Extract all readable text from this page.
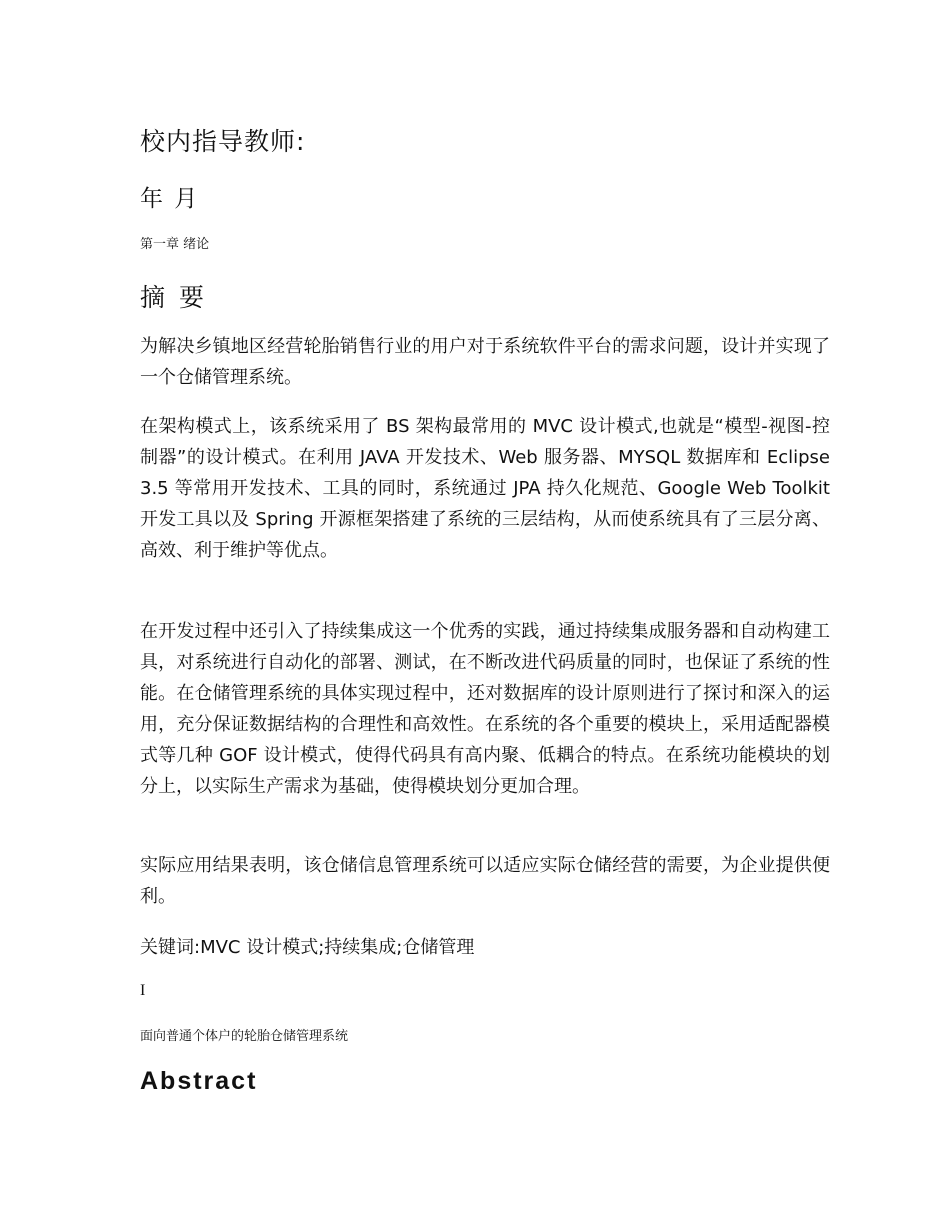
校内指导教师:

年 月

第一章 绪论

摘 要

为解决乡镇地区经营轮胎销售行业的用户对于系统软件平台的需求问题，设计并实现了一个仓储管理系统。

在架构模式上，该系统采用了 BS 架构最常用的 MVC 设计模式,也就是“模型-视图-控制器”的设计模式。在利用 JAVA 开发技术、Web 服务器、MYSQL 数据库和 Eclipse 3.5 等常用开发技术、工具的同时，系统通过 JPA 持久化规范、Google Web Toolkit 开发工具以及 Spring 开源框架搭建了系统的三层结构，从而使系统具有了三层分离、高效、利于维护等优点。

在开发过程中还引入了持续集成这一个优秀的实践，通过持续集成服务器和自动构建工具，对系统进行自动化的部署、测试，在不断改进代码质量的同时，也保证了系统的性能。在仓储管理系统的具体实现过程中，还对数据库的设计原则进行了探讨和深入的运用，充分保证数据结构的合理性和高效性。在系统的各个重要的模块上，采用适配器模式等几种 GOF 设计模式，使得代码具有高内聚、低耦合的特点。在系统功能模块的划分上，以实际生产需求为基础，使得模块划分更加合理。

实际应用结果表明，该仓储信息管理系统可以适应实际仓储经营的需要，为企业提供便利。

关键词:MVC 设计模式;持续集成;仓储管理

I

面向普通个体户的轮胎仓储管理系统

Abstract
